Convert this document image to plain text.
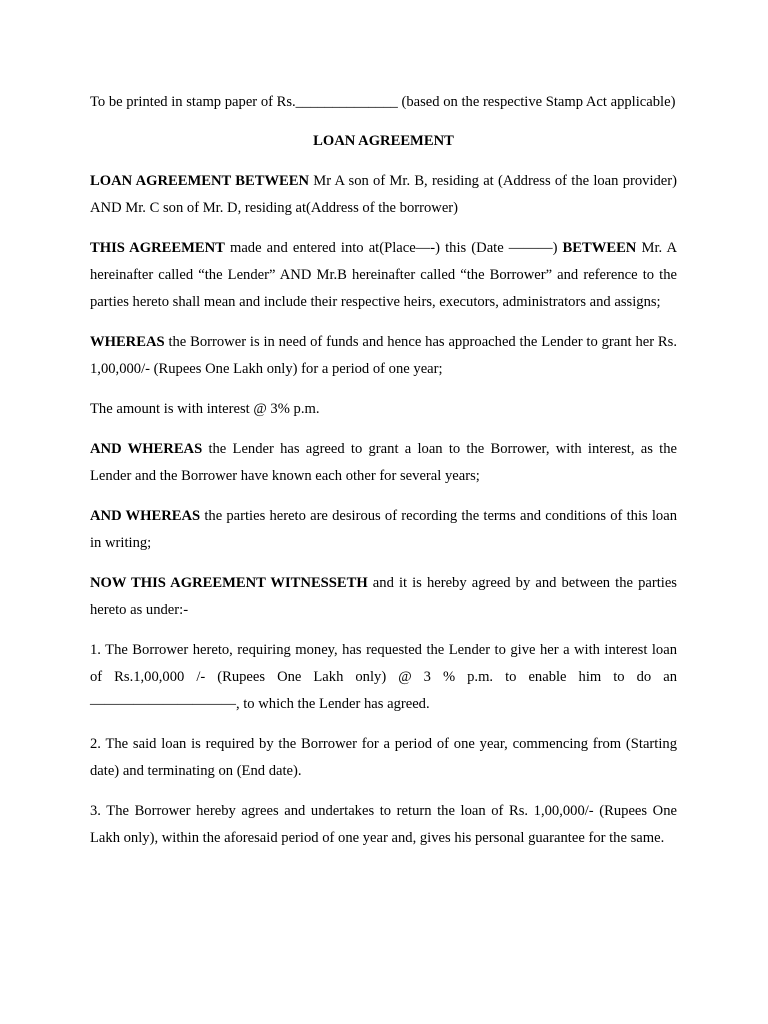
To be printed in stamp paper of Rs.______________ (based on the respective Stamp Act applicable)

LOAN AGREEMENT

LOAN AGREEMENT BETWEEN Mr A son of Mr. B, residing at (Address of the loan provider) AND Mr. C son of Mr. D, residing at(Address of the borrower)

THIS AGREEMENT made and entered into at(Place—-) this (Date ———) BETWEEN Mr. A hereinafter called “the Lender” AND Mr.B hereinafter called “the Borrower” and reference to the parties hereto shall mean and include their respective heirs, executors, administrators and assigns;

WHEREAS the Borrower is in need of funds and hence has approached the Lender to grant her Rs. 1,00,000/- (Rupees One Lakh only) for a period of one year;

The amount is with interest @ 3% p.m.

AND WHEREAS the Lender has agreed to grant a loan to the Borrower, with interest, as the Lender and the Borrower have known each other for several years;

AND WHEREAS the parties hereto are desirous of recording the terms and conditions of this loan in writing;

NOW THIS AGREEMENT WITNESSETH and it is hereby agreed by and between the parties hereto as under:-

1. The Borrower hereto, requiring money, has requested the Lender to give her a with interest loan of Rs.1,00,000 /- (Rupees One Lakh only) @ 3 % p.m. to enable him to do an ——————————, to which the Lender has agreed.

2. The said loan is required by the Borrower for a period of one year, commencing from (Starting date) and terminating on (End date).

3. The Borrower hereby agrees and undertakes to return the loan of Rs. 1,00,000/- (Rupees One Lakh only), within the aforesaid period of one year and, gives his personal guarantee for the same.
